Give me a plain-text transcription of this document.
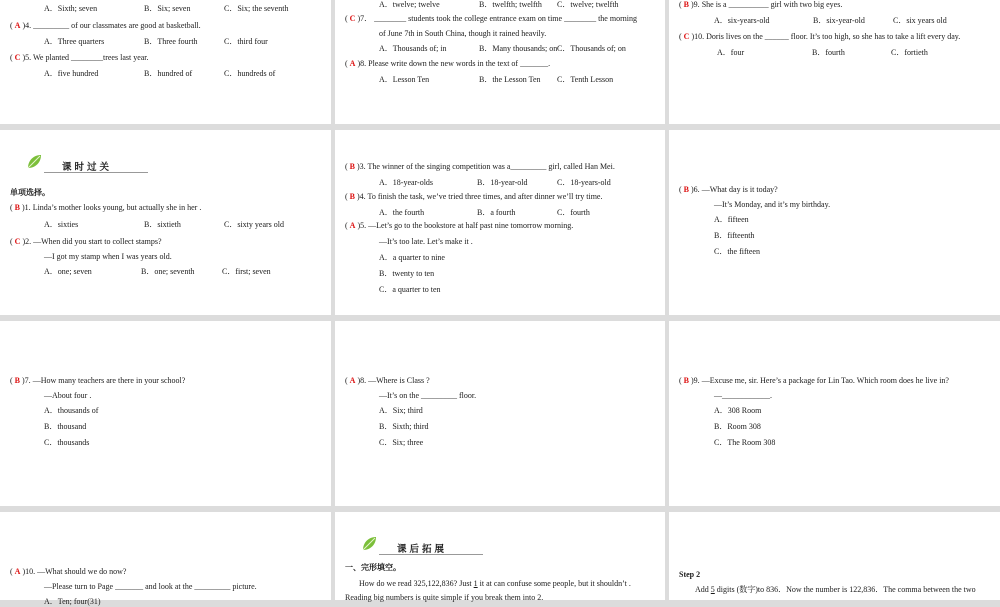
A．Sixth; seven	B．Six; seven	C．Six; the seventh
( A )4. _________ of our classmates are good at basketball.
A．Three quarters	B．Three fourth	C．third four
( C )5. We planted ________trees last year.
A．five hundred	B．hundred of	C．hundreds of
A．twelve; twelve	B．twelfth; twelfth C．twelve; twelfth
( C )7． ________ students took the college entrance exam on time ________ the morning
of June 7th in South China, though it rained heavily.
A．Thousands of; in	B．Many thousands; on C．Thousands of; on
( A )8. Please write down the new words in the text of _______.
A．Lesson Ten	B．the Lesson Ten C．Tenth Lesson
( B )9. She is a __________ girl with two big eyes.
A．six-years-old	B．six-year-old	C．six years old
( C )10. Doris lives on the ______ floor. It’s too high, so she has to take a lift every day.
A．four	B．fourth	C．fortieth
课时过关
单项选择。
( B )1. Linda’s mother looks young, but actually she in her .
A．sixties	B．sixtieth	C．sixty years old
( C )2. —When did you start to collect stamps?
—I got my stamp when I was years old.
A．one; seven	B．one; seventh	C．first; seven
( B )3. The winner of the singing competition was a_________ girl, called Han Mei.
A．18-year-olds	B．18-year-old	C．18-years-old
( B )4. To finish the task, we’ve tried three times, and after dinner we’ll try time.
A．the fourth	B．a fourth	C．fourth
( A )5. —Let’s go to the bookstore at half past nine tomorrow morning.
—It’s too late. Let’s make it .
A．a quarter to nine
B．twenty to ten
C．a quarter to ten
( B )6. —What day is it today?
—It’s Monday, and it’s my birthday.
A．fifteen
B．fifteenth
C．the fifteen
( B )7. —How many teachers are there in your school?
—About four .
A．thousands of
B．thousand
C．thousands
( A )8. —Where is Class ?
—It’s on the _________ floor.
A．Six; third
B．Sixth; third
C．Six; three
( B )9. —Excuse me, sir. Here’s a package for Lin Tao. Which room does he live in?
—____________.
A．308 Room
B．Room 308
C．The Room 308
( A )10. —What should we do now?
—Please turn to Page _______ and look at the _________ picture.
A．Ten; four(31)
课后拓展
一、完形填空。
How do we read 325,122,836? Just 1 it at can confuse some people, but it shouldn’t .
Reading big numbers is quite simple if you break them into 2.
Step 2
Add 5 digits (数字)to 836．Now the number is 122,836．The comma between the two
